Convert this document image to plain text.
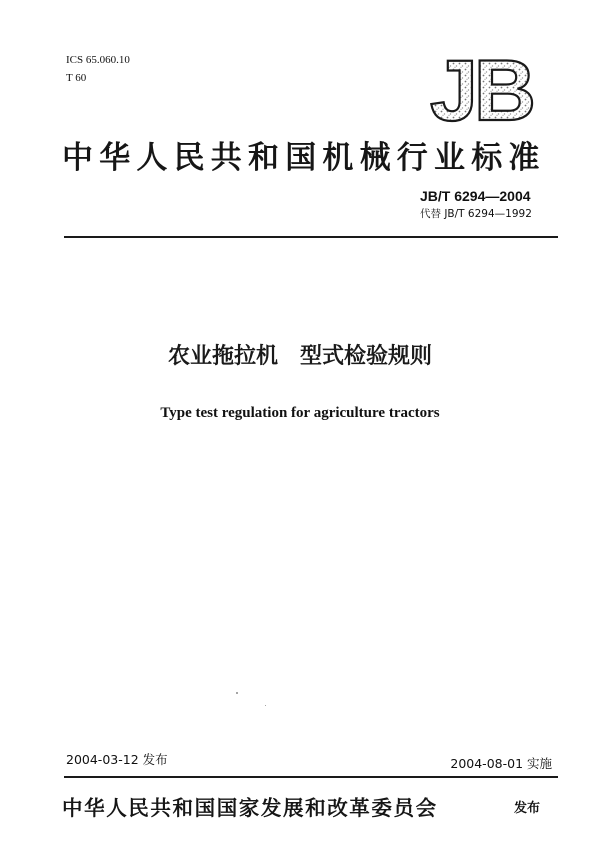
ICS 65.060.10
T 60	JB
中华人民共和国机械行业标准
JB/T 6294—2004
代替 JB/T 6294—1992
农业拖拉机　型式检验规则
Type test regulation for agriculture tractors
2004-03-12 发布	2004-08-01 实施
中华人民共和国国家发展和改革委员会	发布
